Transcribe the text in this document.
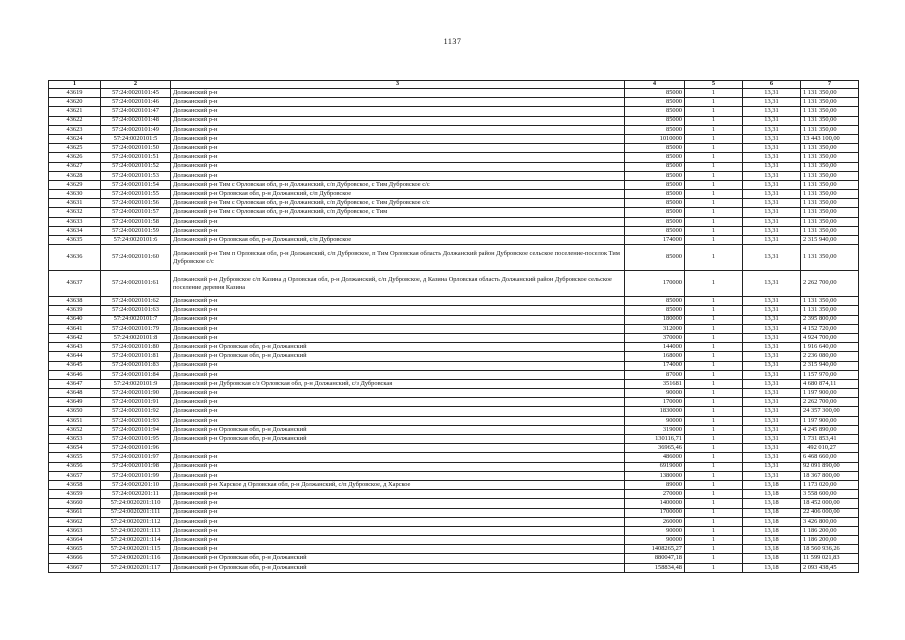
1137
1	2	3	4	5	6	7
43619	57:24:0020101:45	Должанский р-н	85000	1	13,31	1 131 350,00
43620	57:24:0020101:46	Должанский р-н	85000	1	13,31	1 131 350,00
43621	57:24:0020101:47	Должанский р-н	85000	1	13,31	1 131 350,00
43622	57:24:0020101:48	Должанский р-н	85000	1	13,31	1 131 350,00
43623	57:24:0020101:49	Должанский р-н	85000	1	13,31	1 131 350,00
43624	57:24:0020101:5	Должанский р-н	1010000	1	13,31	13 443 100,00
43625	57:24:0020101:50	Должанский р-н	85000	1	13,31	1 131 350,00
43626	57:24:0020101:51	Должанский р-н	85000	1	13,31	1 131 350,00
43627	57:24:0020101:52	Должанский р-н	85000	1	13,31	1 131 350,00
43628	57:24:0020101:53	Должанский р-н	85000	1	13,31	1 131 350,00
43629	57:24:0020101:54	Должанский р-н Тим с Орловская обл, р-н Должанский, с/п Дубровское, с Тим Дубровское с/с	85000	1	13,31	1 131 350,00
43630	57:24:0020101:55	Должанский р-н Орловская обл, р-н Должанский, с/п Дубровское	85000	1	13,31	1 131 350,00
43631	57:24:0020101:56	Должанский р-н Тим с Орловская обл, р-н Должанский, с/п Дубровское, с Тим Дубровское с/с	85000	1	13,31	1 131 350,00
43632	57:24:0020101:57	Должанский р-н Тим с Орловская обл, р-н Должанский, с/п Дубровское, с Тим	85000	1	13,31	1 131 350,00
43633	57:24:0020101:58	Должанский р-н	85000	1	13,31	1 131 350,00
43634	57:24:0020101:59	Должанский р-н	85000	1	13,31	1 131 350,00
43635	57:24:0020101:6	Должанский р-н Орловская обл, р-н Должанский, с/п Дубровское	174000	1	13,31	2 315 940,00
43636	57:24:0020101:60	Должанский р-н Тим п Орловская обл, р-н Должанский, с/п Дубровское, п Тим Орловская область Должанский район Дубровское сельское поселение-поселок Тим Дубровское с/с	85000	1	13,31	1 131 350,00
43637	57:24:0020101:61	Должанский р-н Дубровское с/п Казина д Орловская обл, р-н Должанский, с/п Дубровское, д Казина Орловская область Должанский район Дубровское сельское поселение деревня Казина	170000	1	13,31	2 262 700,00
43638	57:24:0020101:62	Должанский р-н	85000	1	13,31	1 131 350,00
43639	57:24:0020101:63	Должанский р-н	85000	1	13,31	1 131 350,00
43640	57:24:0020101:7	Должанский р-н	180000	1	13,31	2 395 800,00
43641	57:24:0020101:79	Должанский р-н	312000	1	13,31	4 152 720,00
43642	57:24:0020101:8	Должанский р-н	370000	1	13,31	4 924 700,00
43643	57:24:0020101:80	Должанский р-н Орловская обл, р-н Должанский	144000	1	13,31	1 916 640,00
43644	57:24:0020101:81	Должанский р-н Орловская обл, р-н Должанский	168000	1	13,31	2 236 080,00
43645	57:24:0020101:83	Должанский р-н	174000	1	13,31	2 315 940,00
43646	57:24:0020101:84	Должанский р-н	87000	1	13,31	1 157 970,00
43647	57:24:0020101:9	Должанский р-н Дубровская с/з Орловская обл, р-н Должанский, с/з Дубровская	351681	1	13,31	4 680 874,11
43648	57:24:0020101:90	Должанский р-н	90000	1	13,31	1 197 900,00
43649	57:24:0020101:91	Должанский р-н	170000	1	13,31	2 262 700,00
43650	57:24:0020101:92	Должанский р-н	1830000	1	13,31	24 357 300,00
43651	57:24:0020101:93	Должанский р-н	90000	1	13,31	1 197 900,00
43652	57:24:0020101:94	Должанский р-н Орловская обл, р-н Должанский	319000	1	13,31	4 245 890,00
43653	57:24:0020101:95	Должанский р-н Орловская обл, р-н Должанский	130116,71	1	13,31	1 731 853,41
43654	57:24:0020101:96		36965,46	1	13,31	492 010,27
43655	57:24:0020101:97	Должанский р-н	486000	1	13,31	6 468 660,00
43656	57:24:0020101:98	Должанский р-н	6919000	1	13,31	92 091 890,00
43657	57:24:0020101:99	Должанский р-н	1380000	1	13,31	18 367 800,00
43658	57:24:0020201:10	Должанский р-н Харское д Орловская обл, р-н Должанский, с/п Дубровское, д Харское	89000	1	13,18	1 173 020,00
43659	57:24:0020201:11	Должанский р-н	270000	1	13,18	3 558 600,00
43660	57:24:0020201:110	Должанский р-н	1400000	1	13,18	18 452 000,00
43661	57:24:0020201:111	Должанский р-н	1700000	1	13,18	22 406 000,00
43662	57:24:0020201:112	Должанский р-н	260000	1	13,18	3 426 800,00
43663	57:24:0020201:113	Должанский р-н	90000	1	13,18	1 186 200,00
43664	57:24:0020201:114	Должанский р-н	90000	1	13,18	1 186 200,00
43665	57:24:0020201:115	Должанский р-н	1408265,27	1	13,18	18 560 936,26
43666	57:24:0020201:116	Должанский р-н Орловская обл, р-н Должанский	880047,18	1	13,18	11 599 021,83
43667	57:24:0020201:117	Должанский р-н Орловская обл, р-н Должанский	158834,48	1	13,18	2 093 438,45
